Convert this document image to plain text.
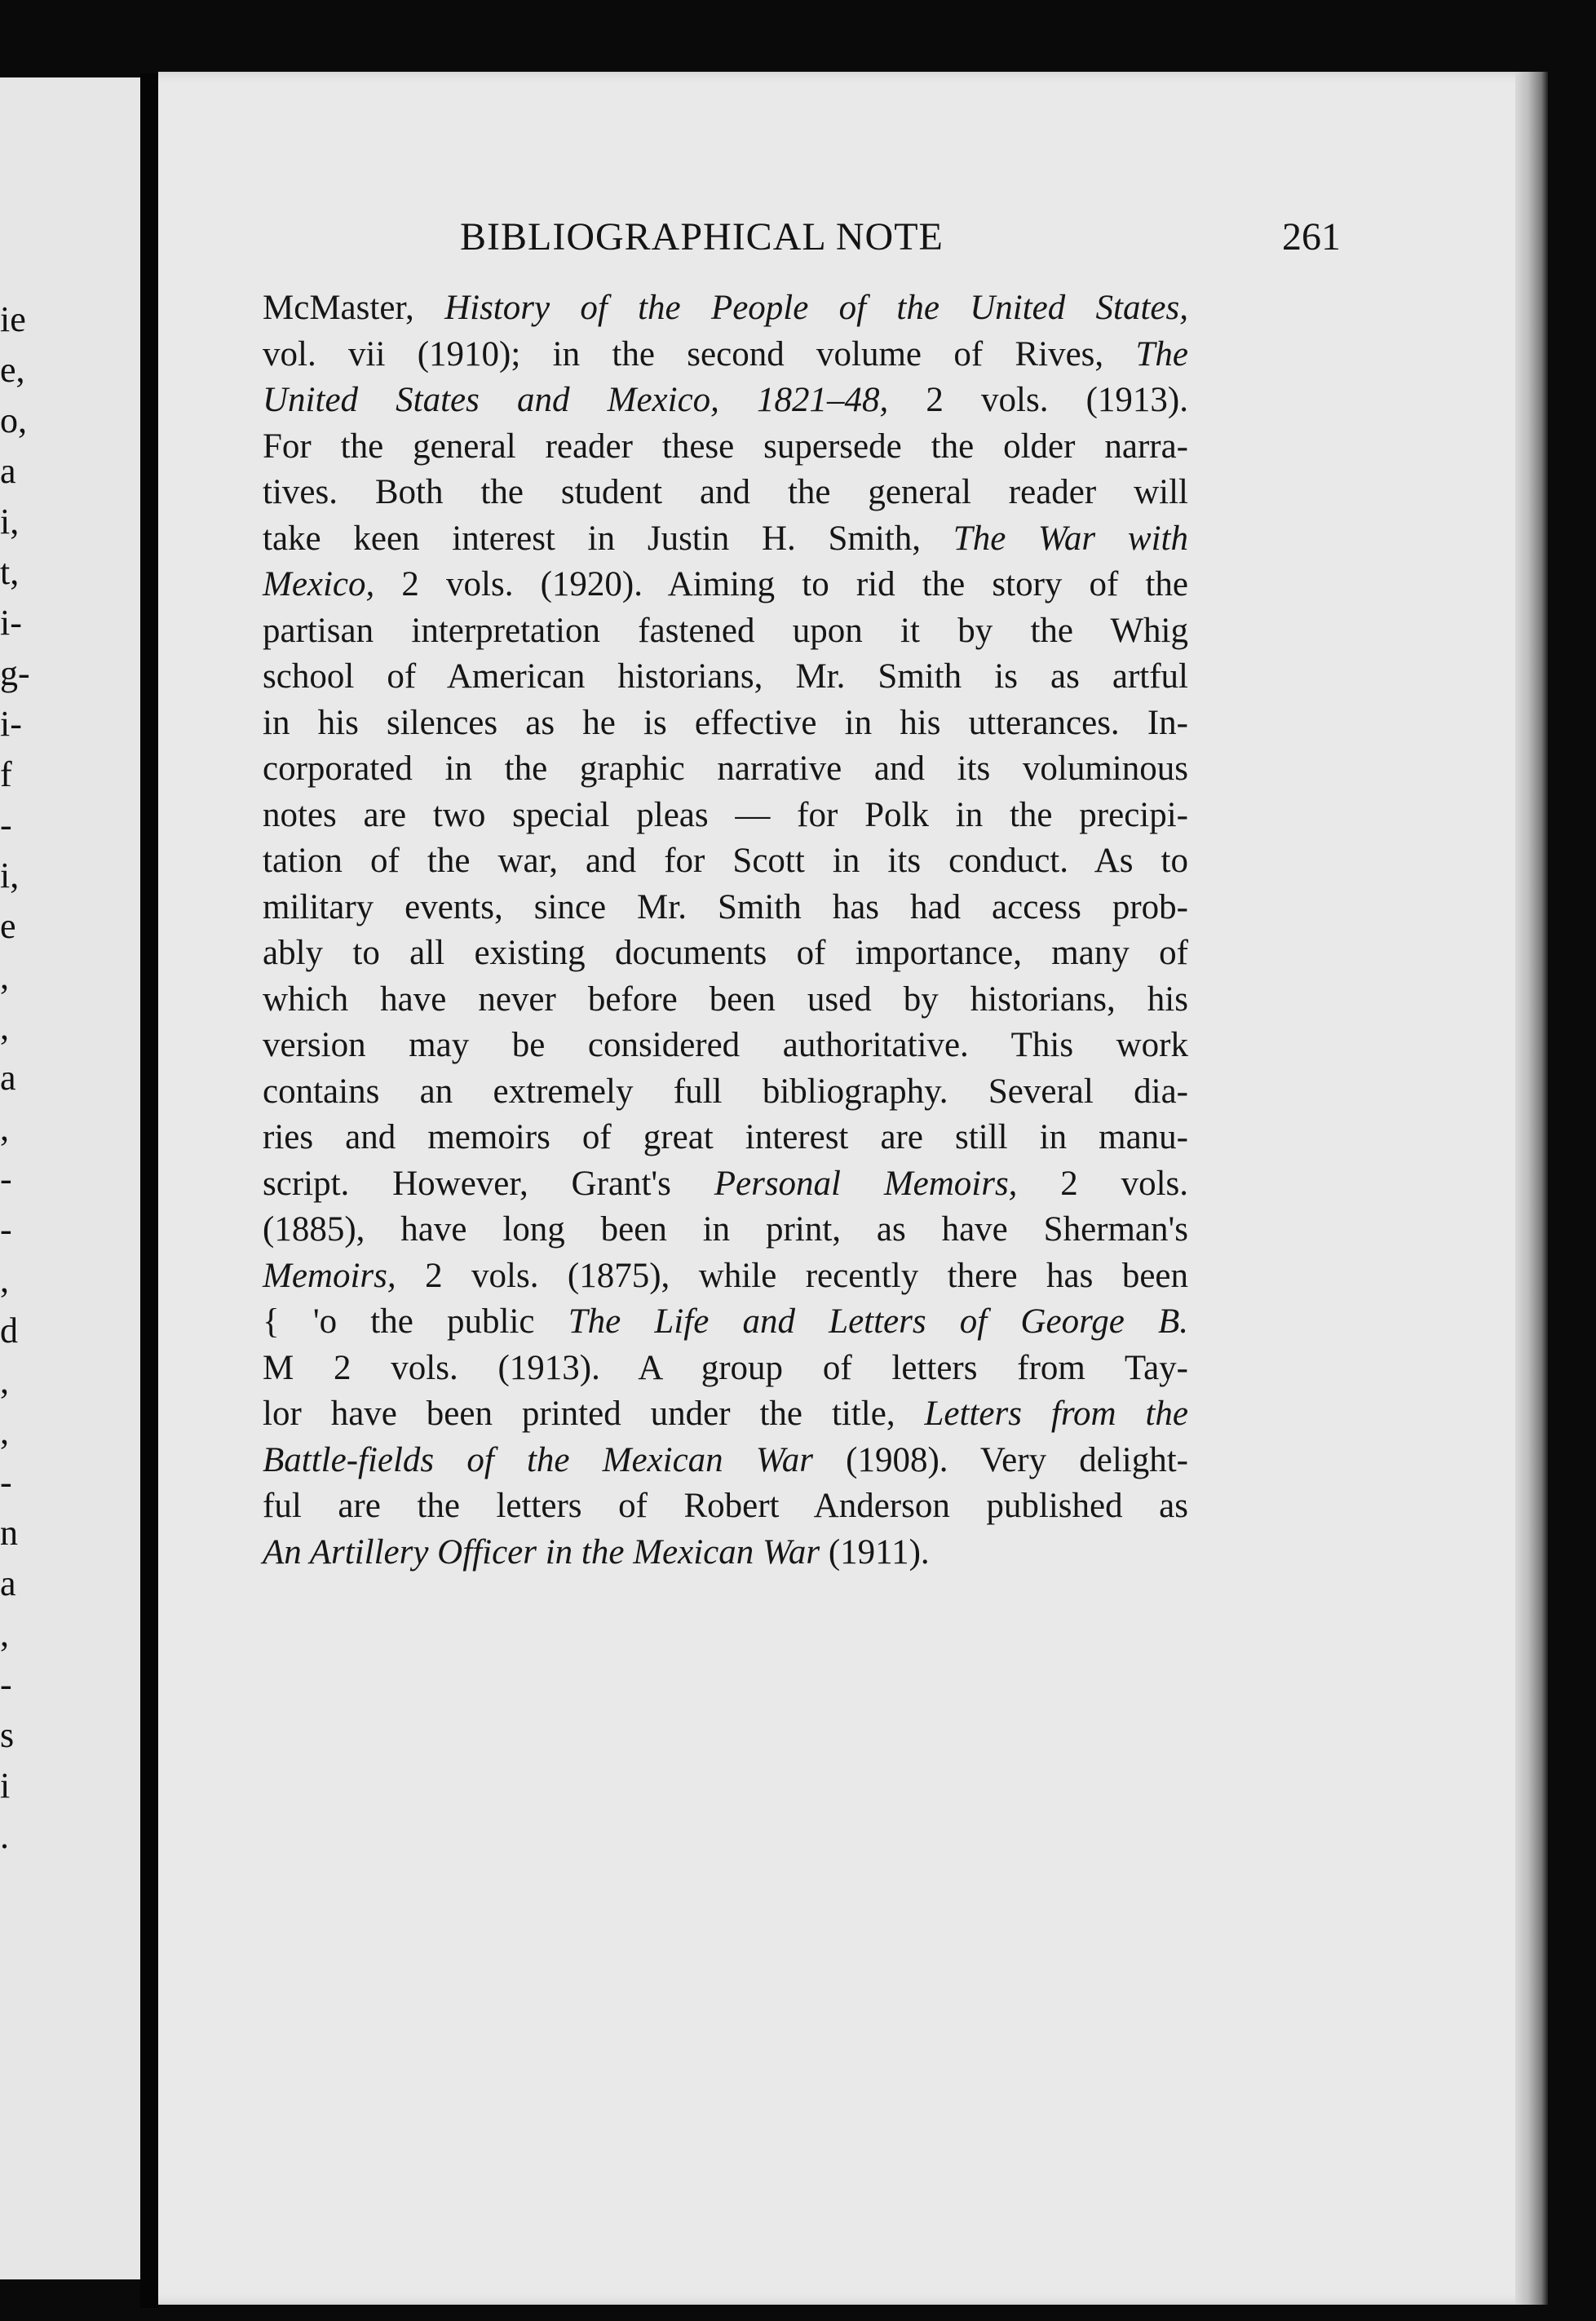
ie
e,
o,
a
i,
t,
i-
g-
i-
f
-
i,
e
,
,
a
,
-
-
,
d
,
,
-
n
a
,
-
s
i
.
BIBLIOGRAPHICAL NOTE	261
McMaster, History of the People of the United States,
vol. vii (1910); in the second volume of Rives, The
United States and Mexico, 1821–48, 2 vols. (1913).
For the general reader these supersede the older narra-
tives. Both the student and the general reader will
take keen interest in Justin H. Smith, The War with
Mexico, 2 vols. (1920). Aiming to rid the story of the
partisan interpretation fastened upon it by the Whig
school of American historians, Mr. Smith is as artful
in his silences as he is effective in his utterances. In-
corporated in the graphic narrative and its voluminous
notes are two special pleas — for Polk in the precipi-
tation of the war, and for Scott in its conduct. As to
military events, since Mr. Smith has had access prob-
ably to all existing documents of importance, many of
which have never before been used by historians, his
version may be considered authoritative. This work
contains an extremely full bibliography. Several dia-
ries and memoirs of great interest are still in manu-
script. However, Grant's Personal Memoirs, 2 vols.
(1885), have long been in print, as have Sherman's
Memoirs, 2 vols. (1875), while recently there has been
{ 'o the public The Life and Letters of George B.
M 2 vols. (1913). A group of letters from Tay-
lor have been printed under the title, Letters from the
Battle-fields of the Mexican War (1908). Very delight-
ful are the letters of Robert Anderson published as
An Artillery Officer in the Mexican War (1911).
